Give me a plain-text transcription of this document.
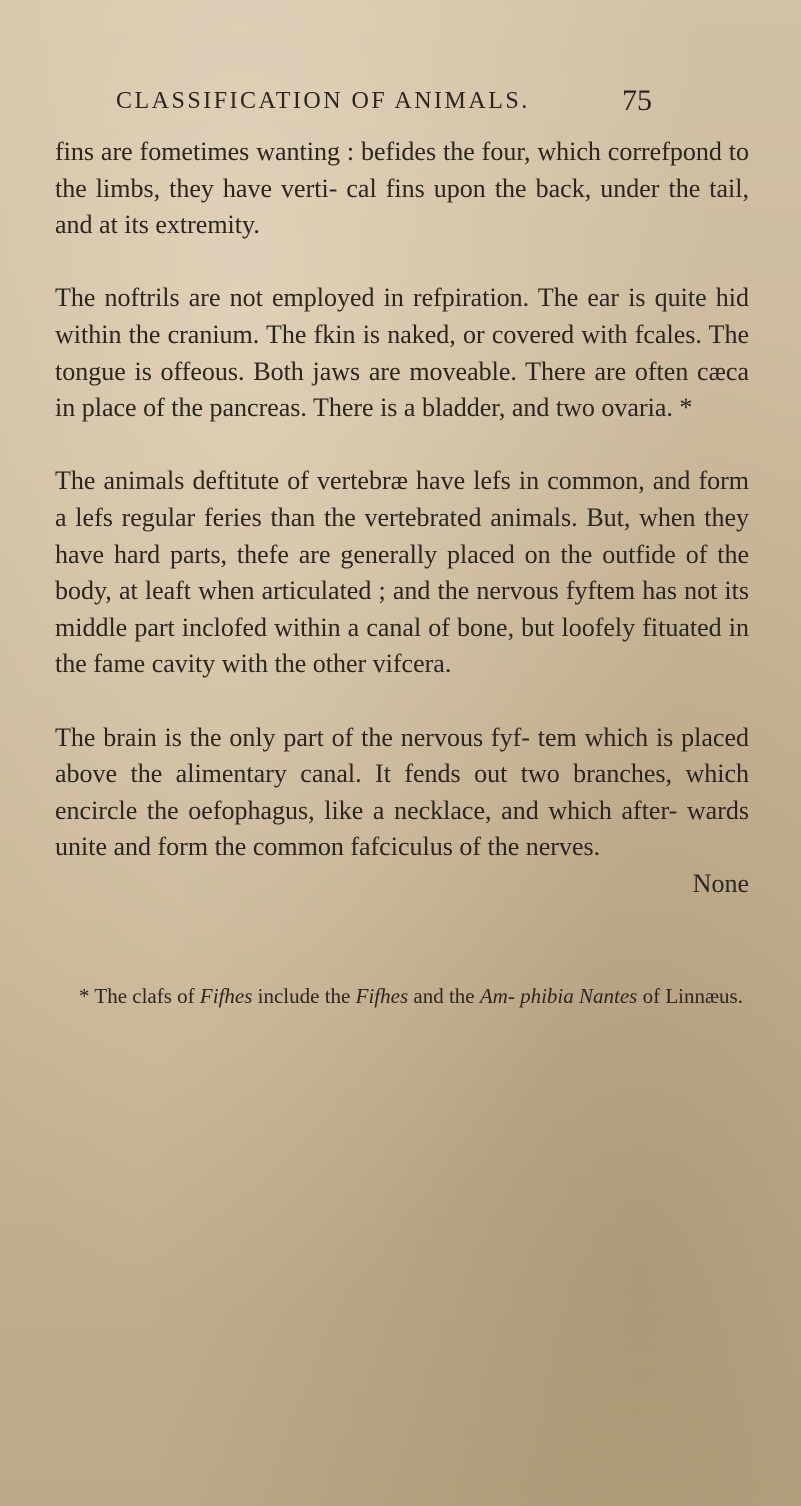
CLASSIFICATION OF ANIMALS.	75

fins are fometimes wanting : befides the four, which correfpond to the limbs, they have verti- cal fins upon the back, under the tail, and at its extremity.

The noftrils are not employed in refpiration. The ear is quite hid within the cranium. The fkin is naked, or covered with fcales. The tongue is offeous. Both jaws are moveable. There are often cæca in place of the pancreas. There is a bladder, and two ovaria. *

The animals deftitute of vertebræ have lefs in common, and form a lefs regular feries than the vertebrated animals. But, when they have hard parts, thefe are generally placed on the outfide of the body, at leaft when articulated ; and the nervous fyftem has not its middle part inclofed within a canal of bone, but loofely fituated in the fame cavity with the other vifcera.

The brain is the only part of the nervous fyf- tem which is placed above the alimentary canal. It fends out two branches, which encircle the oefophagus, like a necklace, and which after- wards unite and form the common fafciculus of the nerves.

None

* The clafs of Fifhes include the Fifhes and the Am- phibia Nantes of Linnæus.
